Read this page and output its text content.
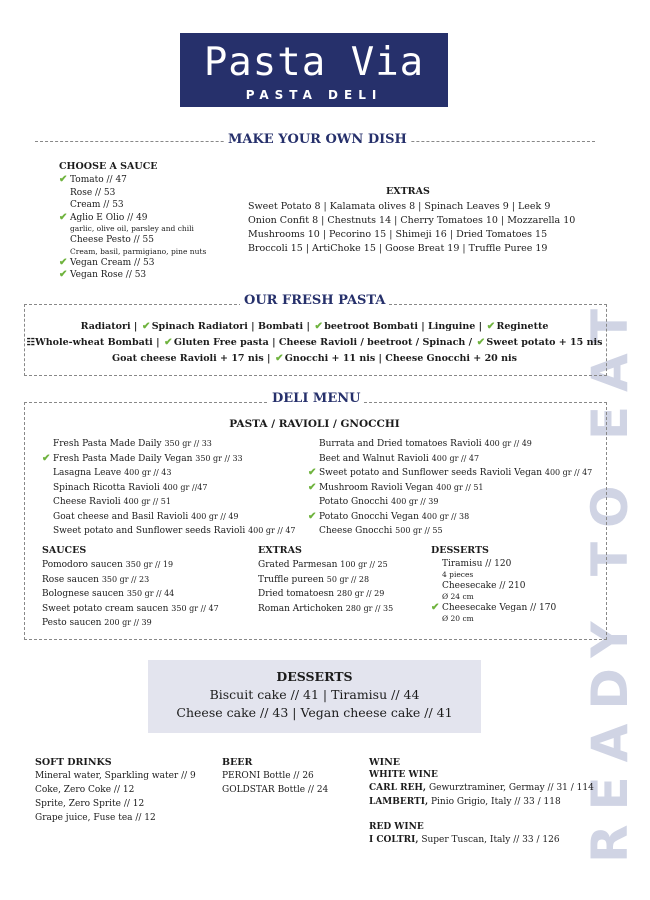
READY TO EAT
Pasta Via
PASTA DELI
MAKE YOUR OWN DISH
CHOOSE A SAUCE
✔ Tomato // 47
Rose // 53
Cream // 53
✔ Aglio E Olio // 49
garlic, olive oil, parsley and chili
Cheese Pesto // 55
Cream, basil, parmigiano, pine nuts
✔ Vegan Cream // 53
✔ Vegan Rose // 53
EXTRAS
Sweet Potato 8 | Kalamata olives 8 | Spinach Leaves 9 | Leek 9
Onion Confit 8 | Chestnuts 14 | Cherry Tomatoes 10 | Mozzarella 10
Mushrooms 10 | Pecorino 15 | Shimeji 16 | Dried Tomatoes 15
Broccoli 15 | ArtiChoke 15 | Goose Breat 19 | Truffle Puree 19
OUR FRESH PASTA
Radiatori | ✔Spinach Radiatori | Bombati | ✔beetroot Bombati | Linguine | ✔Reginette
☷Whole-wheat Bombati | ✔Gluten Free pasta | Cheese Ravioli / beetroot / Spinach / ✔Sweet potato + 15 nis
Goat cheese Ravioli + 17 nis | ✔Gnocchi + 11 nis | Cheese Gnocchi + 20 nis
DELI MENU
PASTA / RAVIOLI / GNOCCHI
Fresh Pasta Made Daily 350 gr // 33
✔ Fresh Pasta Made Daily Vegan 350 gr // 33
Lasagna Leave 400 gr // 43
Spinach Ricotta Ravioli 400 gr //47
Cheese Ravioli 400 gr // 51
Goat cheese and Basil Ravioli 400 gr // 49
Sweet potato and Sunflower seeds Ravioli 400 gr // 47
Burrata and Dried tomatoes Ravioli 400 gr // 49
Beet and Walnut Ravioli 400 gr // 47
✔ Sweet potato and Sunflower seeds Ravioli Vegan 400 gr // 47
✔ Mushroom Ravioli Vegan 400 gr // 51
Potato Gnocchi 400 gr // 39
✔ Potato Gnocchi Vegan 400 gr // 38
Cheese Gnocchi 500 gr // 55
SAUCES
Pomodoro saucen 350 gr // 19
Rose saucen 350 gr // 23
Bolognese saucen 350 gr // 44
Sweet potato cream saucen 350 gr // 47
Pesto saucen 200 gr // 39
EXTRAS
Grated Parmesan 100 gr // 25
Truffle pureen 50 gr // 28
Dried tomatoesn 280 gr // 29
Roman Artichoken 280 gr // 35
DESSERTS
Tiramisu // 120
4 pieces
Cheesecake // 210
Ø 24 cm
✔ Cheesecake Vegan // 170
Ø 20 cm
DESSERTS
Biscuit cake // 41 | Tiramisu // 44
Cheese cake // 43 | Vegan cheese cake // 41
SOFT DRINKS
Mineral water, Sparkling water // 9
Coke, Zero Coke // 12
Sprite, Zero Sprite // 12
Grape juice, Fuse tea // 12
BEER
PERONI Bottle // 26
GOLDSTAR Bottle // 24
WINE
WHITE WINE
CARL REH, Gewurztraminer, Germay // 31 / 114
LAMBERTI, Pinio Grigio, Italy // 33 / 118
RED WINE
I COLTRI, Super Tuscan, Italy // 33 / 126
